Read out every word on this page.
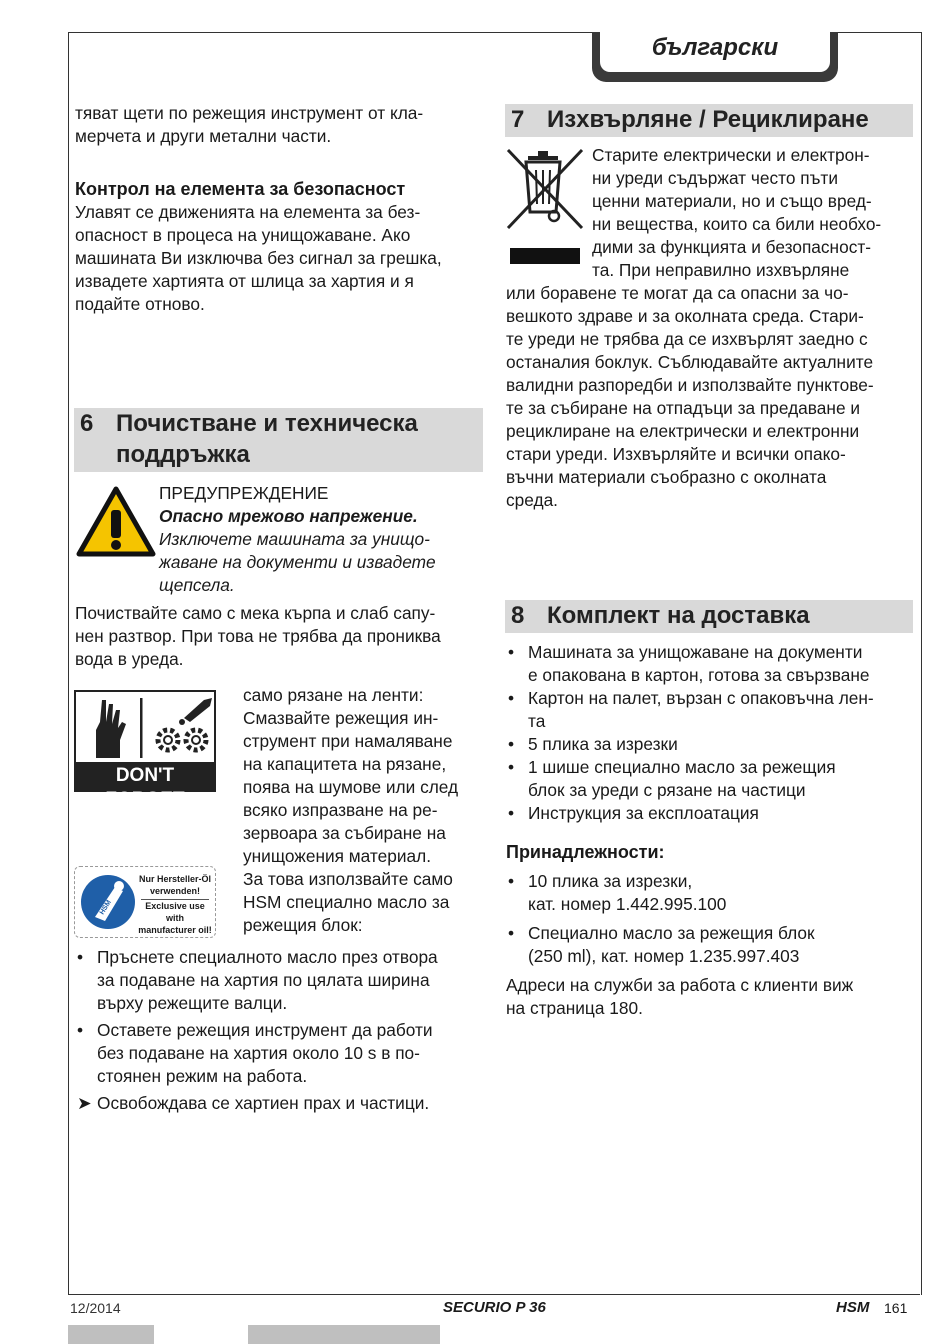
български

тяват щети по режещия инструмент от кла-

мерчета и други метални части.

Контрол на елемента за безопасност

Улавят се движенията на елемента за без-

опасност в процеса на унищожаване. Ако

машината Ви изключва без сигнал за грешка,

извадете хартията от шлица за хартия и я

подайте отново.

6 Почистване и техническа
поддръжка

ПРЕДУПРЕЖДЕНИЕ

Опасно мрежово напрежение.

Изключете машината за унищо-

жаване на документи и извадете

щепсела.

Почиствайте само с мека кърпа и слаб сапу-

нен разтвор. При това не трябва да прониква

вода в уреда.

DON'T FORGET
HSM
Nur Hersteller-Öl
verwenden!
Exclusive use with
manufacturer oil!

само рязане на ленти:

Смазвайте режещия ин-

струмент при намаляване

на капацитета на рязане,

поява на шумове или след

всяко изпразване на ре-

зервоара за събиране на

унищожения материал.

За това използвайте само

HSM специално масло за

режещия блок:

• Пръснете специалното масло през отвора
за подаване на хартия по цялата ширина
върху режещите валци.
• Оставете режещия инструмент да работи
без подаване на хартия около 10 s в по-
стоянен режим на работа.
➤ Освобождава се хартиен прах и частици.
7 Изхвърляне / Рециклиране

Старите електрически и електрон-

ни уреди съдържат често пъти

ценни материали, но и също вред-

ни вещества, които са били необхо-

дими за функцията и безопасност-

та. При неправилно изхвърляне

или боравене те могат да са опасни за чо-

вешкото здраве и за околната среда. Стари-

те уреди не трябва да се изхвърлят заедно с

останалия боклук. Съблюдавайте актуалните

валидни разпоредби и използвайте пунктове-

те за събиране на отпадъци за предаване и

рециклиране на електрически и електронни

стари уреди. Изхвърляйте и всички опако-

въчни материали съобразно с околната

среда.

8 Комплект на доставка
• Машината за унищожаване на документи
е опакована в картон, готова за свързване
• Картон на палет, вързан с опаковъчна лен-
та
• 5 плика за изрезки
• 1 шише специално масло за режещия
блок за уреди с рязане на частици
• Инструкция за експлоатация

Принадлежности:

• 10 плика за изрезки,
кат. номер 1.442.995.100
• Специално масло за режещия блок
(250 ml), кат. номер 1.235.997.403

Адреси на служби за работа с клиенти виж

на страница 180.

12/2014	SECURIO P 36	HSM 161
